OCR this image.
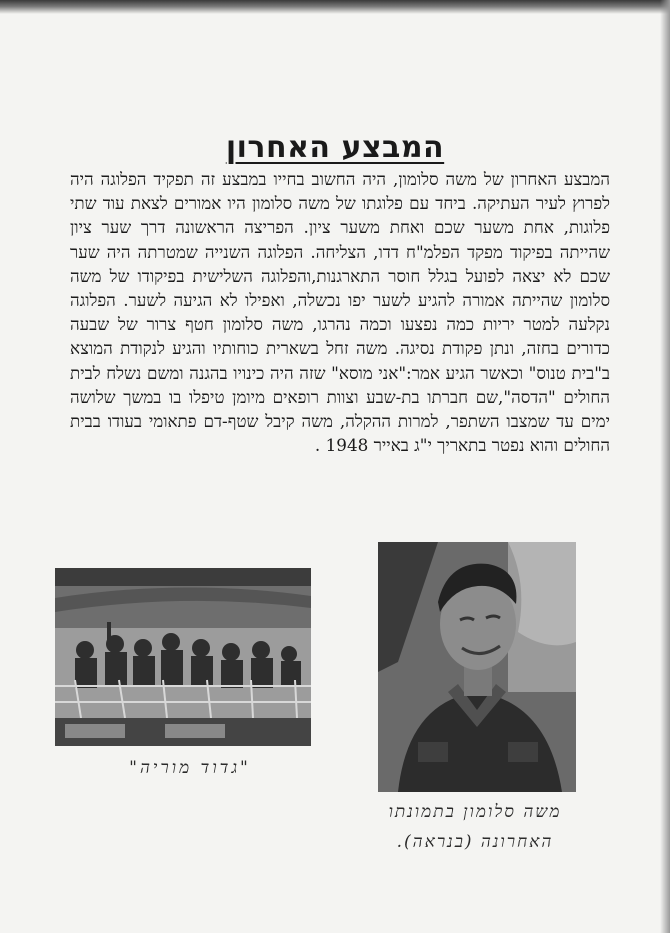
המבצע האחרון
המבצע האחרון של משה סלומון, היה החשוב בחייו במבצע זה תפקיד הפלוגה היה לפרוץ לעיר העתיקה. ביחד עם פלוגתו של משה סלומון היו אמורים לצאת עוד שתי פלוגות, אחת משער שכם ואחת משער ציון. הפריצה הראשונה דרך שער ציון שהייתה בפיקוד מפקד הפלמ"ח דדו, הצליחה. הפלוגה השנייה שמטרתה היה שער שכם לא יצאה לפועל בגלל חוסר התארגנות,והפלוגה השלישית בפיקודו של משה סלומון שהייתה אמורה להגיע לשער יפו נכשלה, ואפילו לא הגיעה לשער. הפלוגה נקלעה למטר יריות כמה נפצעו וכמה נהרגו, משה סלומון חטף צרור של שבעה כדורים בחזה, ונתן פקודת נסיגה. משה זחל בשארית כוחותיו והגיע לנקודת המוצא ב"בית טנוס" וכאשר הגיע אמר:"אני מוסא" שזה היה כינויו בהגנה ומשם נשלח לבית החולים "הדסה",שם חברתו בת-שבע וצוות רופאים מיומן טיפלו בו במשך שלושה ימים עד שמצבו השתפר, למרות ההקלה, משה קיבל שטף-דם פתאומי בעודו בבית החולים והוא נפטר בתאריך י"ג באייר 1948 .
"גדוד מוריה"
משה סלומון בתמונתו
האחרונה (בנראה).
